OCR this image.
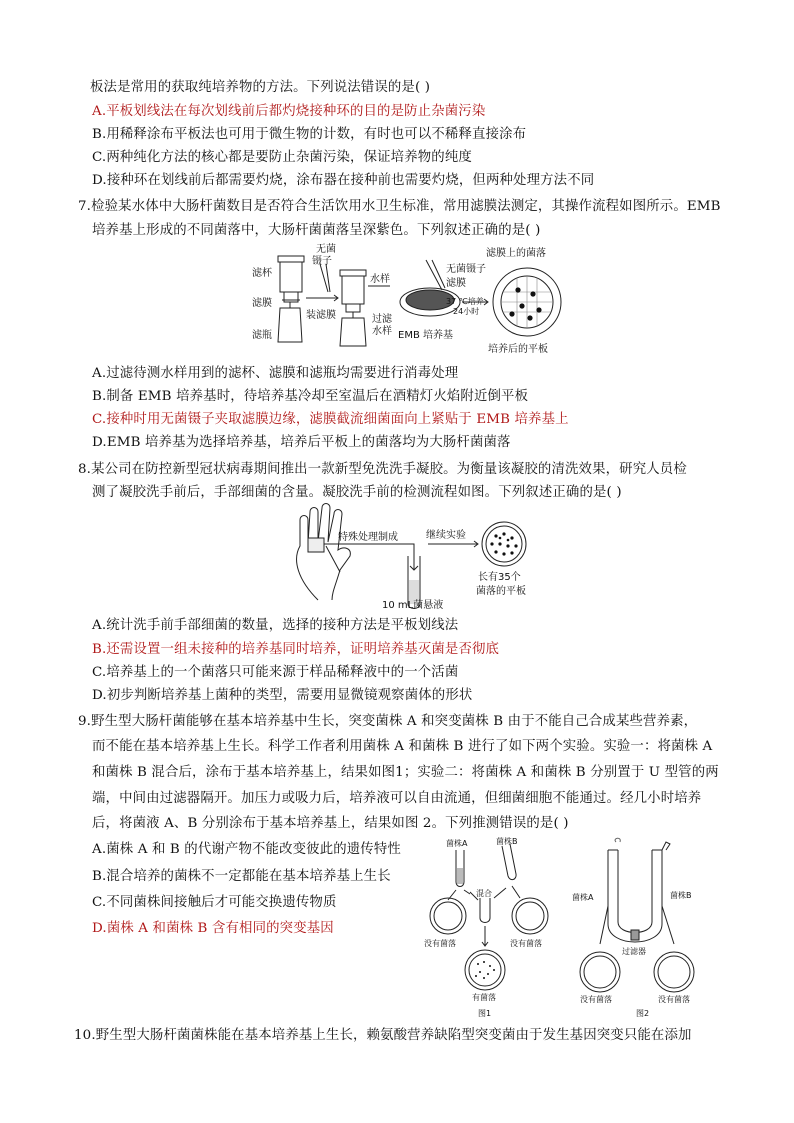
板法是常用的获取纯培养物的方法。下列说法错误的是( )
A.平板划线法在每次划线前后都灼烧接种环的目的是防止杂菌污染
B.用稀释涂布平板法也可用于微生物的计数，有时也可以不稀释直接涂布
C.两种纯化方法的核心都是要防止杂菌污染，保证培养物的纯度
D.接种环在划线前后都需要灼烧，涂布器在接种前也需要灼烧，但两种处理方法不同
7.检验某水体中大肠杆菌数目是否符合生活饮用水卫生标准，常用滤膜法测定，其操作流程如图所示。EMB
培养基上形成的不同菌落中，大肠杆菌菌落呈深紫色。下列叙述正确的是( )
滤杯
滤膜
滤瓶
无菌
镊子
装滤膜
水样
过滤
水样
无菌镊子
滤膜
37 ℃培养
24小时
EMB 培养基
滤膜上的菌落
培养后的平板
A.过滤待测水样用到的滤杯、滤膜和滤瓶均需要进行消毒处理
B.制备 EMB 培养基时，待培养基冷却至室温后在酒精灯火焰附近倒平板
C.接种时用无菌镊子夹取滤膜边缘，滤膜截流细菌面向上紧贴于 EMB 培养基上
D.EMB 培养基为选择培养基，培养后平板上的菌落均为大肠杆菌菌落
8.某公司在防控新型冠状病毒期间推出一款新型免洗洗手凝胶。为衡量该凝胶的清洗效果，研究人员检
测了凝胶洗手前后，手部细菌的含量。凝胶洗手前的检测流程如图。下列叙述正确的是( )
特殊处理制成	继续实验
10 mL菌悬液
长有35个
菌落的平板
A.统计洗手前手部细菌的数量，选择的接种方法是平板划线法
B.还需设置一组未接种的培养基同时培养，证明培养基灭菌是否彻底
C.培养基上的一个菌落只可能来源于样品稀释液中的一个活菌
D.初步判断培养基上菌种的类型，需要用显微镜观察菌体的形状
9.野生型大肠杆菌能够在基本培养基中生长，突变菌株 A 和突变菌株 B 由于不能自己合成某些营养素，
而不能在基本培养基上生长。科学工作者利用菌株 A 和菌株 B 进行了如下两个实验。实验一：将菌株 A
和菌株 B 混合后，涂布于基本培养基上，结果如图1；实验二：将菌株 A 和菌株 B 分别置于 U 型管的两
端，中间由过滤器隔开。加压力或吸力后，培养液可以自由流通，但细菌细胞不能通过。经几小时培养
后，将菌液 A、B 分别涂布于基本培养基上，结果如图 2。下列推测错误的是( )
A.菌株 A 和 B 的代谢产物不能改变彼此的遗传特性
B.混合培养的菌株不一定都能在基本培养基上生长
C.不同菌株间接触后才可能交换遗传物质
D.菌株 A 和菌株 B 含有相同的突变基因
菌株A	菌株B
混合
没有菌落	没有菌落
有菌落
图1
菌株A	菌株B
过滤器
没有菌落	没有菌落
图2
10.野生型大肠杆菌菌株能在基本培养基上生长，赖氨酸营养缺陷型突变菌由于发生基因突变只能在添加
